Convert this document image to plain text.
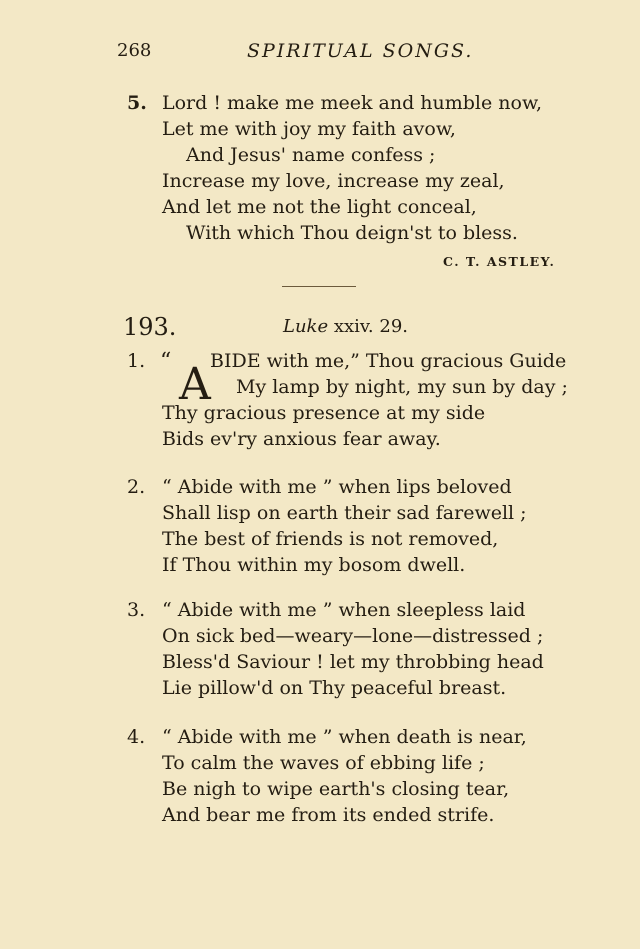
268	SPIRITUAL SONGS.
5. Lord ! make me meek and humble now,
Let me with joy my faith avow,
And Jesus' name confess ;
Increase my love, increase my zeal,
And let me not the light conceal,
With which Thou deign'st to bless.
C. T. ASTLEY.
193.	Luke xxiv. 29.
1. “ A BIDE with me,” Thou gracious Guide
My lamp by night, my sun by day ;
Thy gracious presence at my side
Bids ev'ry anxious fear away.
2. “ Abide with me ” when lips beloved
Shall lisp on earth their sad farewell ;
The best of friends is not removed,
If Thou within my bosom dwell.
3. “ Abide with me ” when sleepless laid
On sick bed—weary—lone—distressed ;
Bless'd Saviour ! let my throbbing head
Lie pillow'd on Thy peaceful breast.
4. “ Abide with me ” when death is near,
To calm the waves of ebbing life ;
Be nigh to wipe earth's closing tear,
And bear me from its ended strife.
